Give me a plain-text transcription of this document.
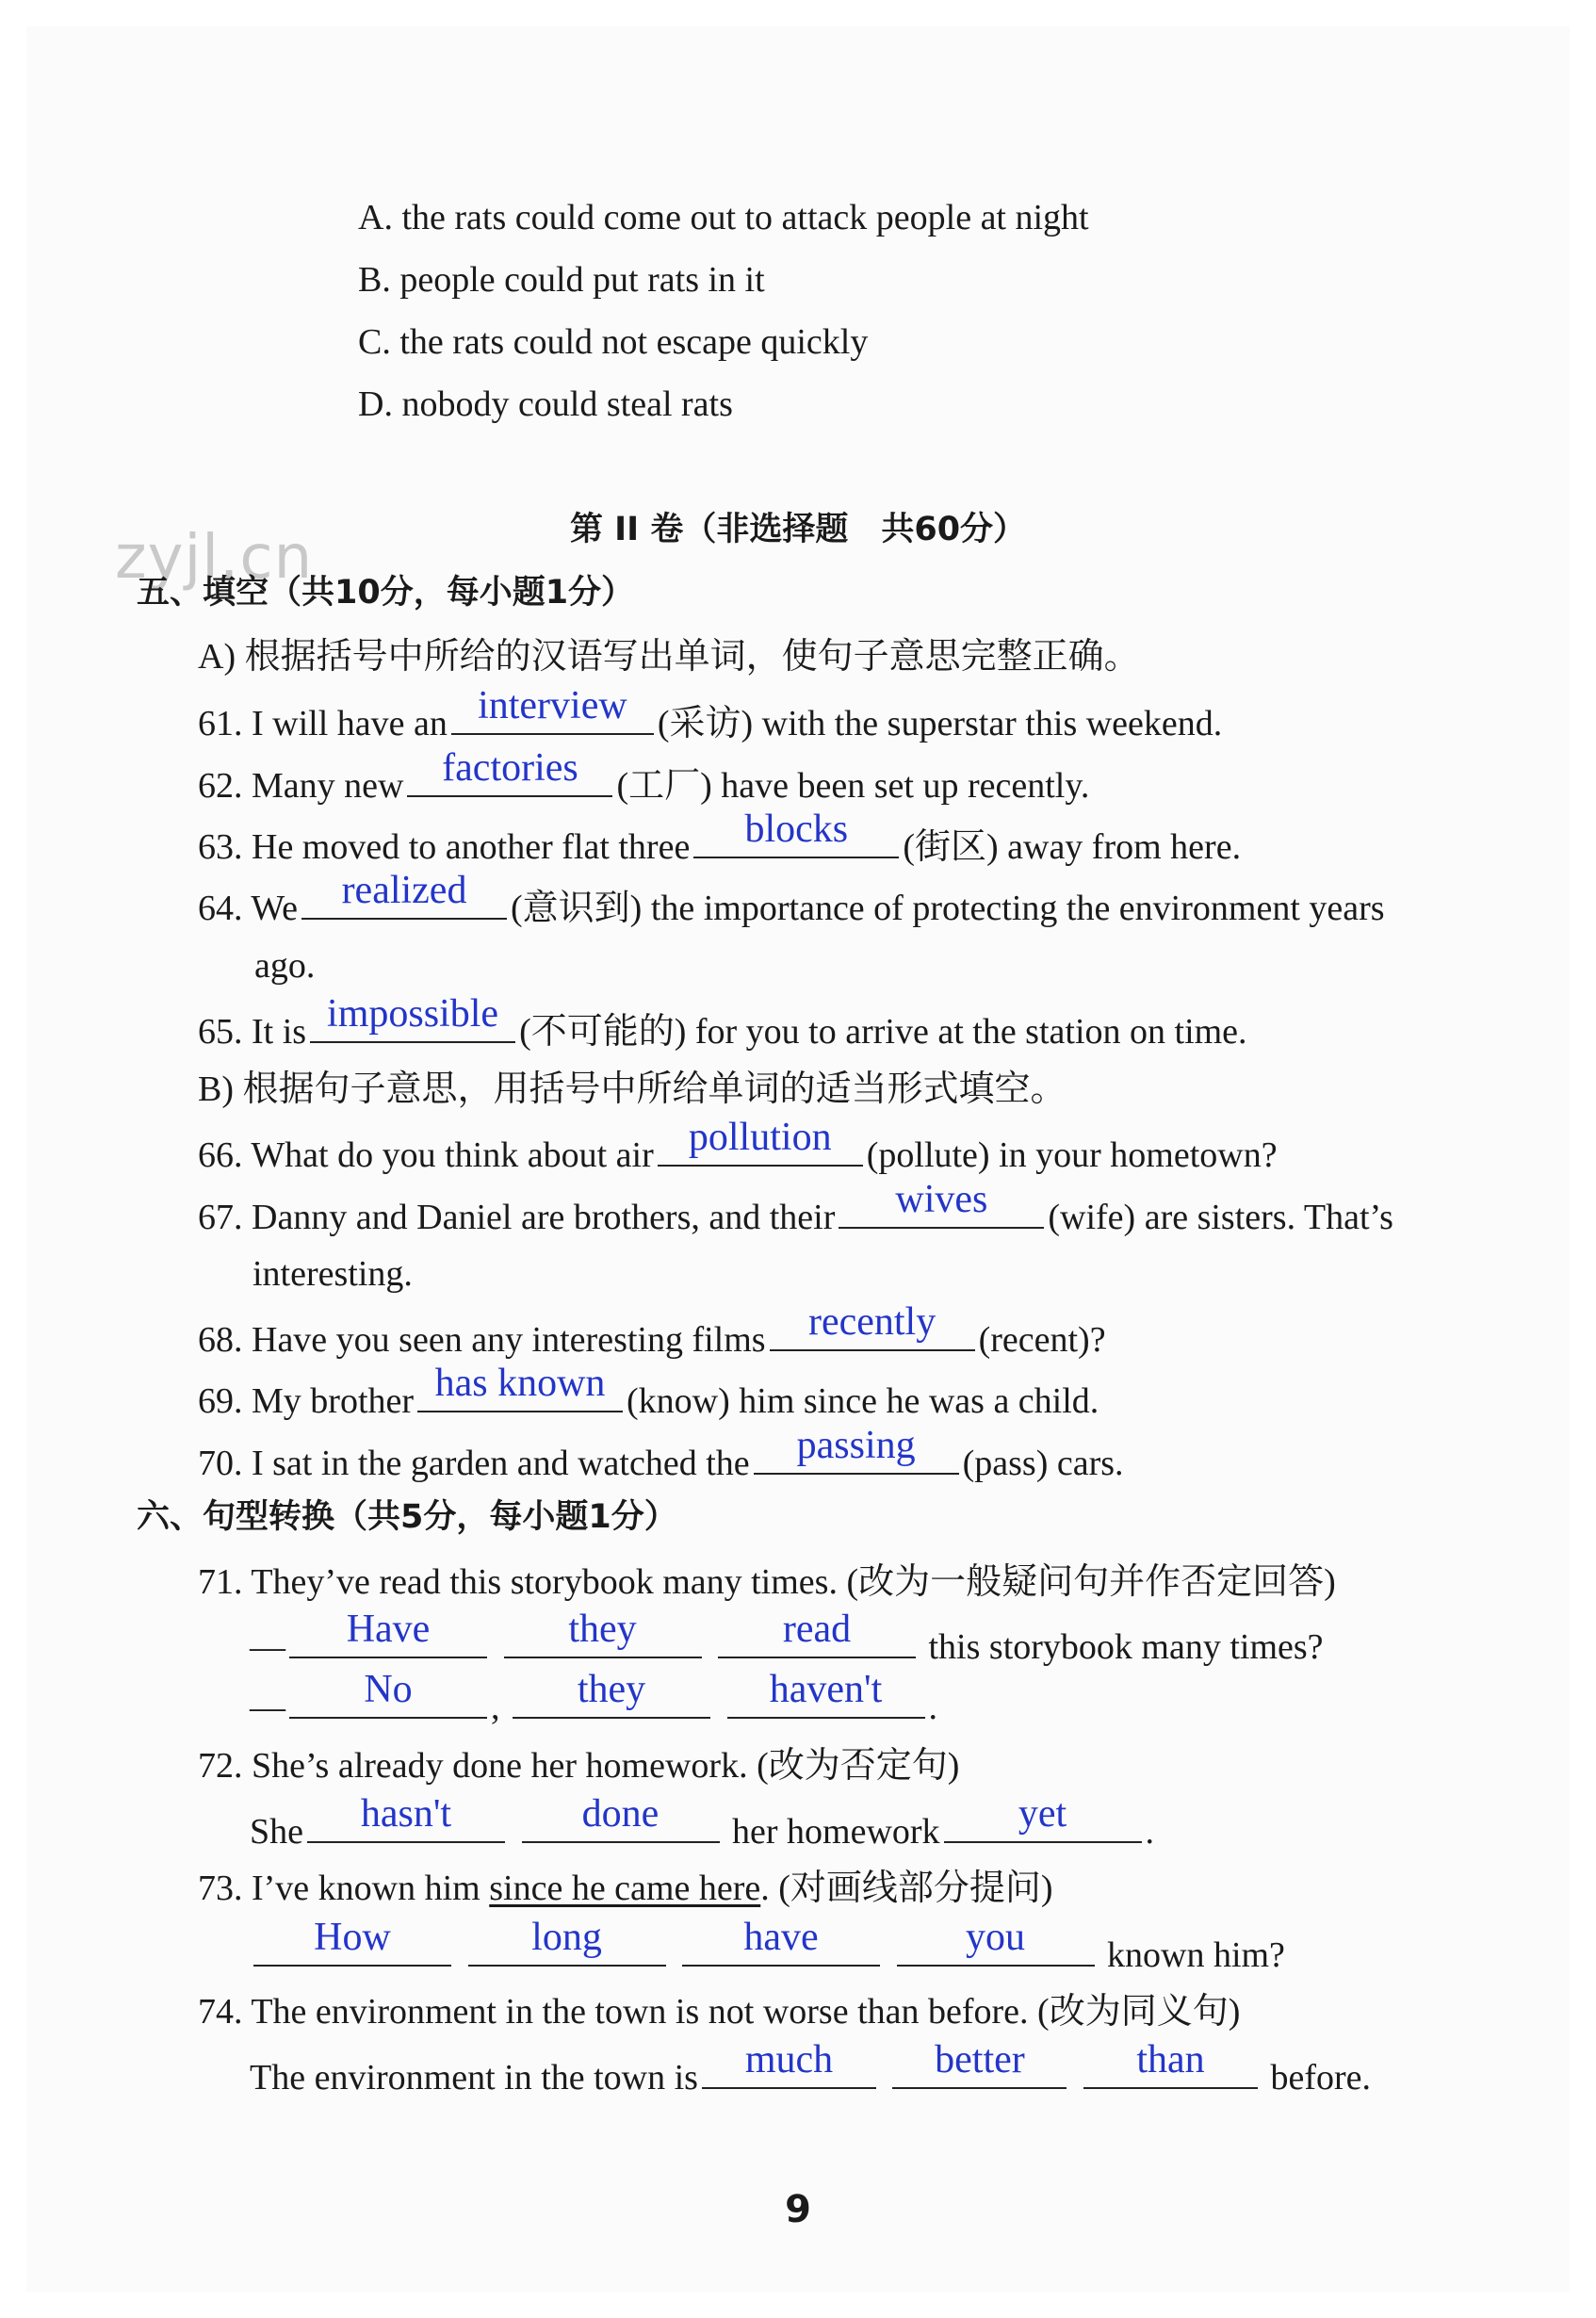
zyjl.cn
A. the rats could come out to attack people at night
B. people could put rats in it
C. the rats could not escape quickly
D. nobody could steal rats
第 II 卷（非选择题　共60分）
五、填空（共10分，每小题1分）
A) 根据括号中所给的汉语写出单词，使句子意思完整正确。
61. I will have an interview (采访) with the superstar this weekend.
62. Many new factories	(工厂) have been set up recently.
63. He moved to another flat three	blocks	(街区) away from here.
64. We	realized	(意识到) the importance of protecting the environment years
ago.
65. It is impossible (不可能的) for you to arrive at the station on time.
B) 根据句子意思，用括号中所给单词的适当形式填空。
66. What do you think about air pollution (pollute) in your hometown?
67. Danny and Daniel are brothers, and their	wives	(wife) are sisters. That’s
interesting.
68. Have you seen any interesting films	recently	(recent)?
69. My brother has known (know) him since he was a child.
70. I sat in the garden and watched the	passing	(pass) cars.
六、句型转换（共5分，每小题1分）
71. They’ve read this storybook many times. (改为一般疑问句并作否定回答)
—	Have
	they
	read	this storybook many times?
—	No	,	they
	haven't	.
72. She’s already done her homework. (改为否定句)
She	hasn't
	done	her homework	yet	.
73. I’ve known him since he came here. (对画线部分提问)
How
	long
	have
	you	known him?
74. The environment in the town is not worse than before. (改为同义句)
The environment in the town is	much
	better
	than	before.
9
